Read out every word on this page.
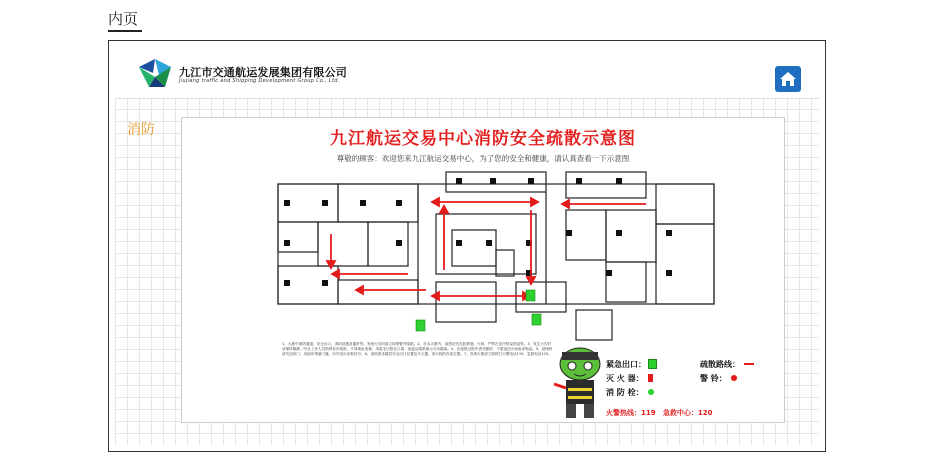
内页
九江市交通航运发展集团有限公司
Jiujiang traffic and Shipping Development Group Co., Ltd.
消防	九江航运交易中心消防安全疏散示意图
尊敬的顾客：欢迎您来九江航运交易中心，为了您的安全和健康，请认真查看一下示意图
1、大厦中消防通道、安全出口、消防设施及器材等。发现火灾时请立即报警并疏散。2、在本大厦内，请您切勿在此吸烟，火种、严禁在室内焚烧物品等。3、发生火灾时请保持镇静，听从工作人员指挥有序疏散，不得乘坐电梯，用湿毛巾捂住口鼻，低姿沿疏散指示方向撤离。4、在疏散过程中请勿拥挤，不要返回火场取拿物品。5、被困时请关闭房门，用湿布堵塞门缝，向外发出求救信号。6、请熟悉本楼层安全出口位置及灭火器、消火栓的存放位置。7、发现火情请立即拨打火警电话119，急救电话120。
紧急出口：	疏散路线：
灭 火 器：	警 铃：
消 防 栓：
火警热线：119 急救中心：120
